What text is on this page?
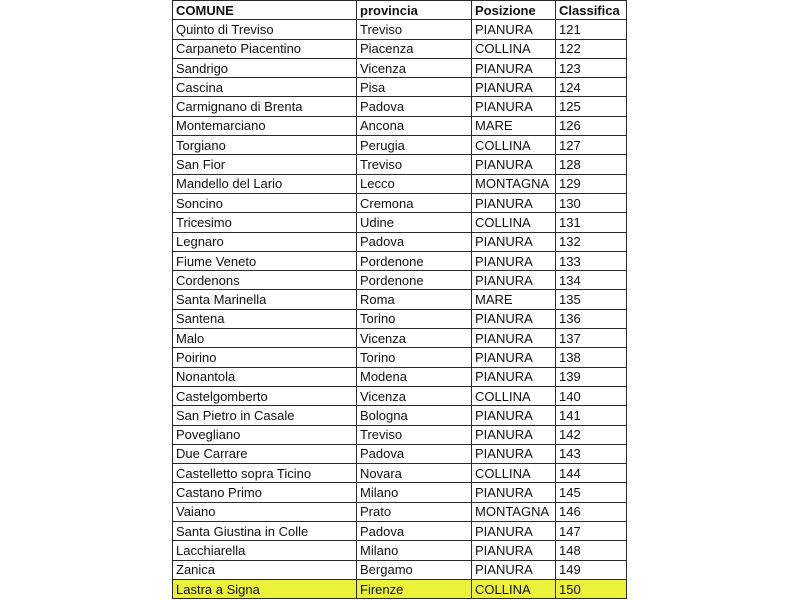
COMUNE	provincia	Posizione	Classifica
Quinto di Treviso	Treviso	PIANURA	121
Carpaneto Piacentino	Piacenza	COLLINA	122
Sandrigo	Vicenza	PIANURA	123
Cascina	Pisa	PIANURA	124
Carmignano di Brenta	Padova	PIANURA	125
Montemarciano	Ancona	MARE	126
Torgiano	Perugia	COLLINA	127
San Fior	Treviso	PIANURA	128
Mandello del Lario	Lecco	MONTAGNA	129
Soncino	Cremona	PIANURA	130
Tricesimo	Udine	COLLINA	131
Legnaro	Padova	PIANURA	132
Fiume Veneto	Pordenone	PIANURA	133
Cordenons	Pordenone	PIANURA	134
Santa Marinella	Roma	MARE	135
Santena	Torino	PIANURA	136
Malo	Vicenza	PIANURA	137
Poirino	Torino	PIANURA	138
Nonantola	Modena	PIANURA	139
Castelgomberto	Vicenza	COLLINA	140
San Pietro in Casale	Bologna	PIANURA	141
Povegliano	Treviso	PIANURA	142
Due Carrare	Padova	PIANURA	143
Castelletto sopra Ticino	Novara	COLLINA	144
Castano Primo	Milano	PIANURA	145
Vaiano	Prato	MONTAGNA	146
Santa Giustina in Colle	Padova	PIANURA	147
Lacchiarella	Milano	PIANURA	148
Zanica	Bergamo	PIANURA	149
Lastra a Signa	Firenze	COLLINA	150
